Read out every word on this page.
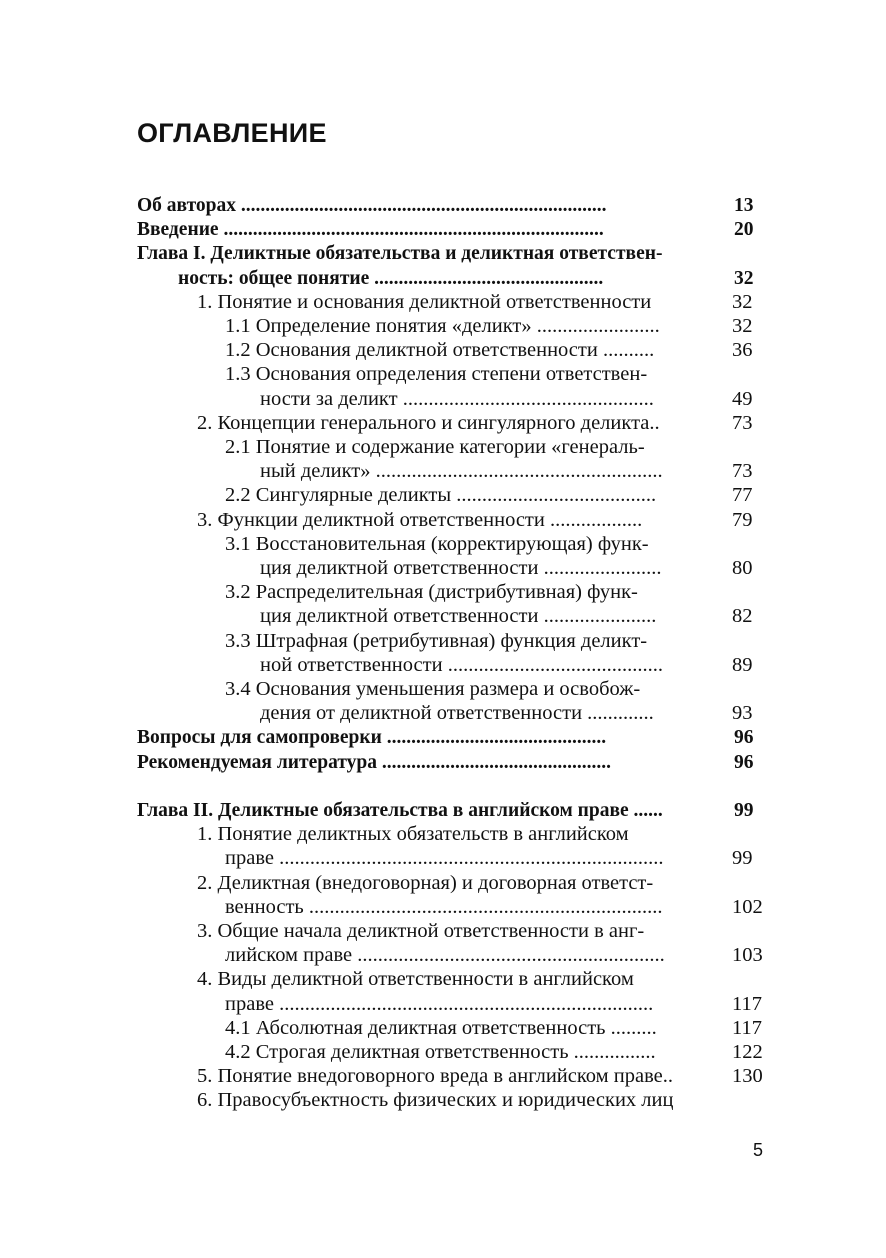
ОГЛАВЛЕНИЕ
Об авторах ...........................................................................	13
Введение ..............................................................................	20
Глава I. Деликтные обязательства и деликтная ответствен-
ность: общее понятие ...............................................	32
1. Понятие и основания деликтной ответственности	32
1.1 Определение понятия «деликт» ........................	32
1.2 Основания деликтной ответственности ..........	36
1.3 Основания определения степени ответствен-
ности за деликт .................................................	49
2. Концепции генерального и сингулярного деликта..	73
2.1 Понятие и содержание категории «генераль-
ный деликт» ........................................................	73
2.2 Сингулярные деликты .......................................	77
3. Функции деликтной ответственности ..................	79
3.1 Восстановительная (корректирующая) функ-
ция деликтной ответственности .......................	80
3.2 Распределительная (дистрибутивная) функ-
ция деликтной ответственности ......................	82
3.3 Штрафная (ретрибутивная) функция деликт-
ной ответственности ..........................................	89
3.4 Основания уменьшения размера и освобож-
дения от деликтной ответственности .............	93
Вопросы для самопроверки .............................................	96
Рекомендуемая литература ...............................................	96
Глава II. Деликтные обязательства в английском праве ......	99
1. Понятие деликтных обязательств в английском
праве ...........................................................................	99
2. Деликтная (внедоговорная) и договорная ответст-
венность .....................................................................	102
3. Общие начала деликтной ответственности в анг-
лийском праве ............................................................	103
4. Виды деликтной ответственности в английском
праве .........................................................................	117
4.1 Абсолютная деликтная ответственность .........	117
4.2 Строгая деликтная ответственность ................	122
5. Понятие внедоговорного вреда в английском праве..	130
6. Правосубъектность физических и юридических лиц

5
